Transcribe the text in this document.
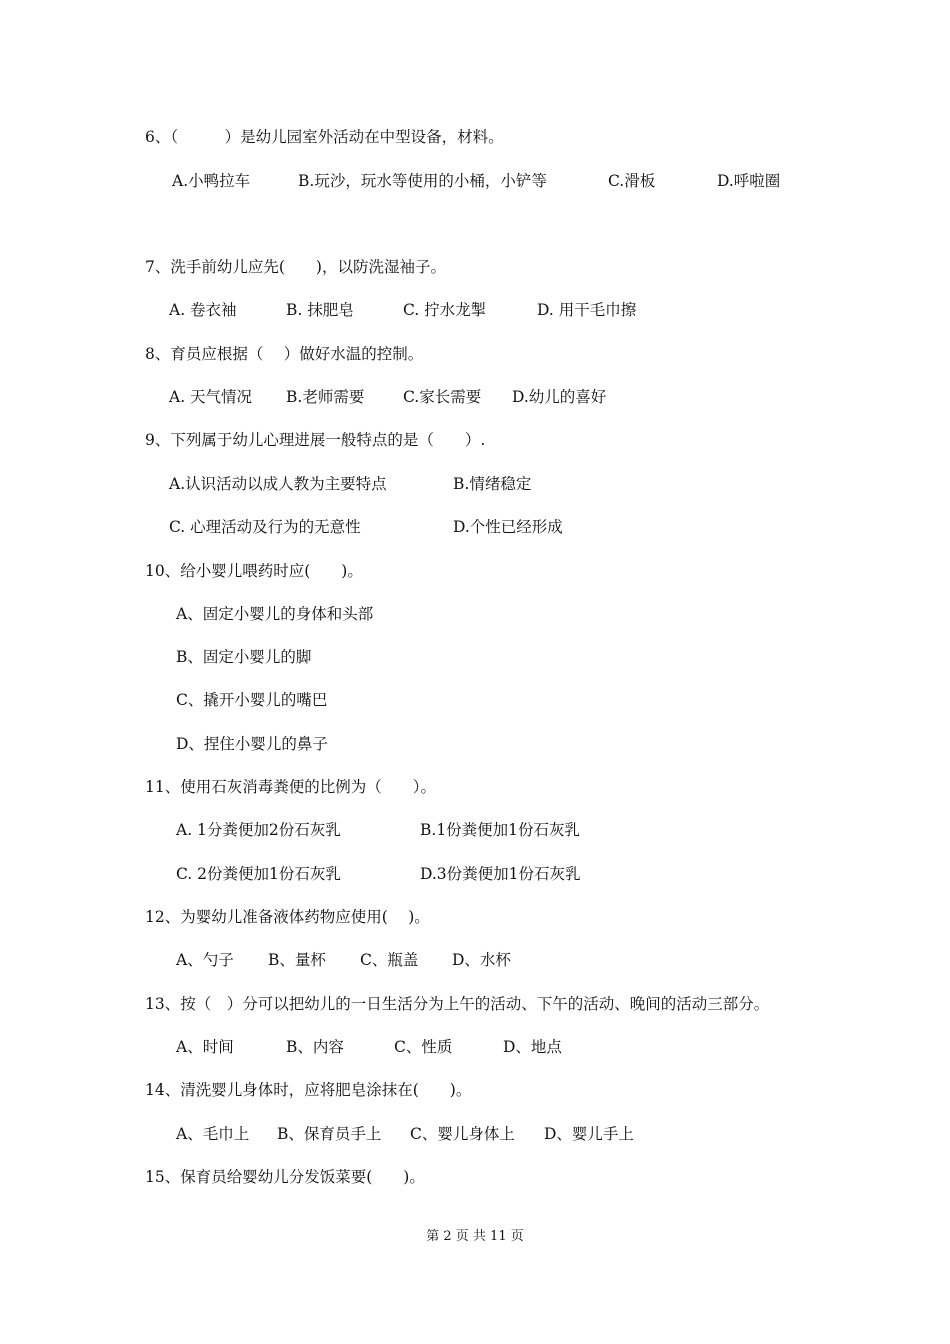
6、（　　　）是幼儿园室外活动在中型设备，材料。
A.小鸭拉车	B.玩沙，玩水等使用的小桶，小铲等	C.滑板	D.呼啦圈
7、洗手前幼儿应先(　　)，以防洗湿袖子。
A. 卷衣袖	B. 抹肥皂	C. 拧水龙掣	D. 用干毛巾擦
8、育员应根据（　 ）做好水温的控制。
A. 天气情况 B.老师需要 C.家长需要 D.幼儿的喜好
9、下列属于幼儿心理进展一般特点的是（　　）.
A.认识活动以成人教为主要特点	B.情绪稳定
C. 心理活动及行为的无意性	D.个性已经形成
10、给小婴儿喂药时应(　　)。
A、固定小婴儿的身体和头部
B、固定小婴儿的脚
C、撬开小婴儿的嘴巴
D、捏住小婴儿的鼻子
11、使用石灰消毒粪便的比例为（　　）。
A. 1分粪便加2份石灰乳	B.1份粪便加1份石灰乳
C. 2份粪便加1份石灰乳	D.3份粪便加1份石灰乳
12、为婴幼儿准备液体药物应使用(　 )。
A、勺子 B、量杯 C、瓶盖 D、水杯
13、按（　）分可以把幼儿的一日生活分为上午的活动、下午的活动、晚间的活动三部分。
A、时间	B、内容	C、性质	D、地点
14、清洗婴儿身体时，应将肥皂涂抹在(　　)。
A、毛巾上 B、保育员手上 C、婴儿身体上 D、婴儿手上
15、保育员给婴幼儿分发饭菜要(　　)。
第 2 页 共 11 页
